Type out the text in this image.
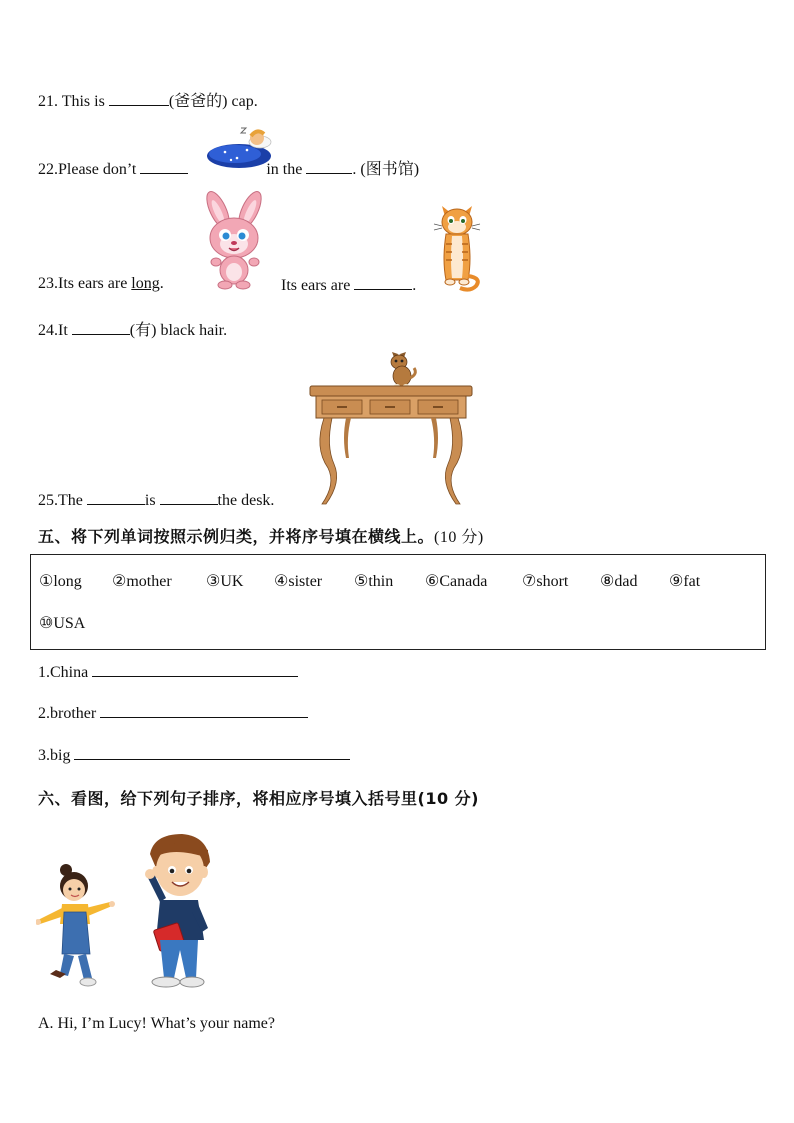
21. This is	(爸爸的) cap.
22.Please don’t	in the	. (图书馆)
23.Its ears are long.	Its ears are	.
24.It	(有) black hair.
25.The	is	the desk.
五、将下列单词按照示例归类，并将序号填在横线上。(10 分)
①long ②mother ③UK ④sister ⑤thin ⑥Canada ⑦short ⑧dad ⑨fat
⑩USA
1.China
2.brother
3.big
六、看图，给下列句子排序，将相应序号填入括号里(10 分)
A. Hi, I’m Lucy! What’s your name?
